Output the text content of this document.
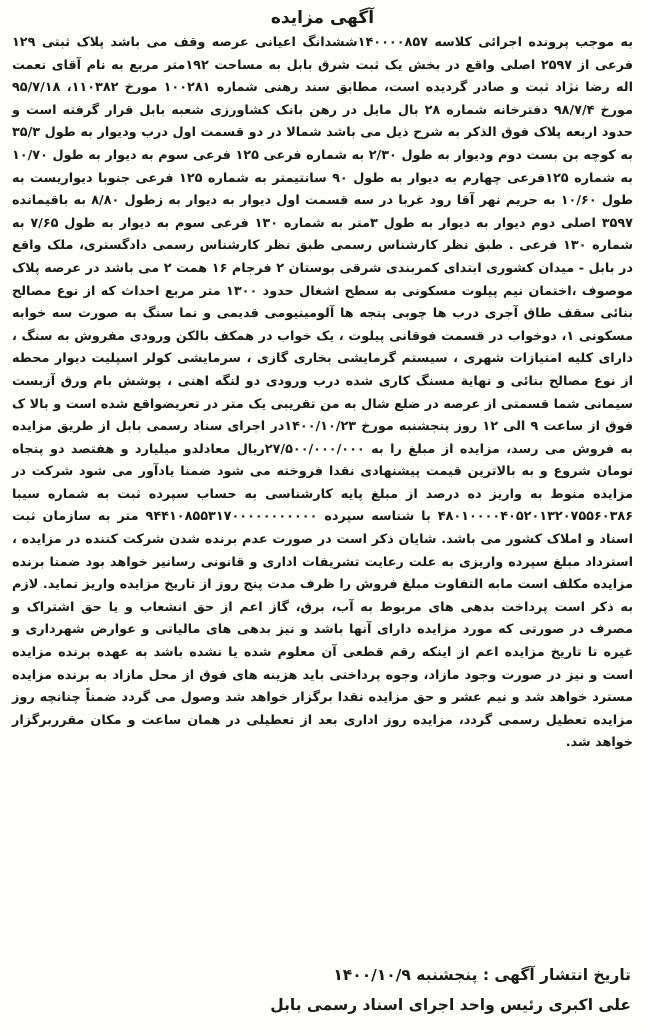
آگهی مزایده

به موجب پرونده اجرائی کلاسه ۱۴۰۰۰۰۸۵۷ششدانگ اعیانی عرصه وقف می باشد پلاک ثبتی ۱۲۹ فرعی از ۲۵۹۷ اصلی واقع در بخش یک ثبت شرق بابل به مساحت ۱۹۲متر مربع به نام آقای نعمت اله رضا نژاد ثبت و صادر گردیده است، مطابق سند رهنی شماره ۱۰۰۲۸۱ مورخ ۱۱۰۳۸۲، ۹۵/۷/۱۸ مورخ ۹۸/۷/۴ دفترخانه شماره ۲۸ بال مایل در رهن بانک کشاورزی شعبه بابل قرار گرفته است و حدود اربعه پلاک فوق الذکر به شرح ذیل می باشد شمالا در دو قسمت اول درب ودیوار به طول ۳۵/۳ به کوچه بن بست دوم ودیوار به طول ۲/۳۰ به شماره فرعی ۱۲۵ فرعی سوم به دیوار به طول ۱۰/۷۰ به شماره ۱۲۵فرعی چهارم به دیوار به طول ۹۰ سانتیمتر به شماره ۱۲۵ فرعی جنوبا دیواریست به طول ۱۰/۶۰ به حریم نهر آقا رود غربا در سه قسمت اول دیوار به دیوار به زطول ۸/۸۰ به باقیمانده ۳۵۹۷ اصلی دوم دیوار به دیوار به طول ۳متر به شماره ۱۳۰ فرعی سوم به دیوار به طول ۷/۶۵ به شماره ۱۳۰ فرعی . طبق نظر کارشناس رسمی طبق نظر کارشناس رسمی دادگستری، ملک واقع در بابل - میدان کشوری ابتدای کمربندی شرقی بوستان ۲ فرجام ۱۶ همت ۲ می باشد در عرصه پلاک موصوف ،اختمان نیم پیلوت مسکونی به سطح اشغال حدود ۱۳۰۰ متر مربع احداث که از نوع مصالح بنائی سقف طاق آجری درب ها چوبی پنجه ها آلومینیومی قدیمی و نما سنگ به صورت سه خوابه مسکونی ۱، دوخواب در قسمت فوقانی پیلوت ، یک خواب در همکف بالکن ورودی مفروش به سنگ ، دارای کلیه امتیازات شهری ، سیستم گرمایشی بخاری گازی ، سرمایشی کولر اسپلیت دیوار محطه از نوع مصالح بنائی و نهایة مسنگ کاری شده درب ورودی دو لنگه اهنی ، پوشش بام ورق آزبست سیمانی شما قسمتی از عرصه در ضلع شال به من تقریبی یک متر در تعریضواقع شده است و بالا ک فوق از ساعت ۹ الی ۱۲ روز پنجشنبه مورخ ۱۴۰۰/۱۰/۲۳در اجرای سناد رسمی بابل از طریق مزایده به فروش می رسد، مزایده از مبلغ را به ۲۷/۵۰۰/۰۰۰/۰۰۰ریال معادلدو میلیارد و هفتصد دو پنجاه تومان شروع و به بالاترین قیمت پیشنهادی نقدا فروخته می شود ضمنا یادآور می شود شرکت در مزایده منوط به واریز ده درصد از مبلغ پایه کارشناسی به حساب سپرده ثبت به شماره سیبا ۴۸۰۱۰۰۰۰۴۰۵۲۰۱۳۲۰۷۵۵۶۰۳۸۶ با شناسه سپرده ۹۴۴۱۰۸۵۵۳۱۷۰۰۰۰۰۰۰۰۰۰۰ متر به سازمان ثبت اسناد و املاک کشور می باشد. شایان ذکر است در صورت عدم برنده شدن شرکت کننده در مزایده ، استرداد مبلغ سپرده واریزی به علت رعایت تشریفات اداری و قانونی رسانیر خواهد بود ضمنا برنده مزایده مکلف است مابه التفاوت مبلغ فروش را ظرف مدت پنج روز از تاریخ مزایده واریز نماید. لازم به ذکر است پرداخت بدهی های مربوط به آب، برق، گاز اعم از حق انشعاب و یا حق اشتراک و مصرف در صورتی که مورد مزایده دارای آنها باشد و نیز بدهی های مالیاتی و عوارض شهرداری و غیره تا تاریخ مزایده اعم از اینکه رقم قطعی آن معلوم شده یا نشده باشد به عهده برنده مزایده است و نیز در صورت وجود مازاد، وجوه پرداختی باید هزینه های فوق از محل مازاد به برنده مزایده مسترد خواهد شد و نیم عشر و حق مزایده نقدا برگزار خواهد شد وصول می گردد ضمناً چنانچه روز مزایده تعطیل رسمی گردد، مزایده روز اداری بعد از تعطیلی در همان ساعت و مکان مقرربرگزار خواهد شد.

تاریخ انتشار آگهی : پنجشنبه ۱۴۰۰/۱۰/۹
علی اکبری رئیس واحد اجرای اسناد رسمی بابل
